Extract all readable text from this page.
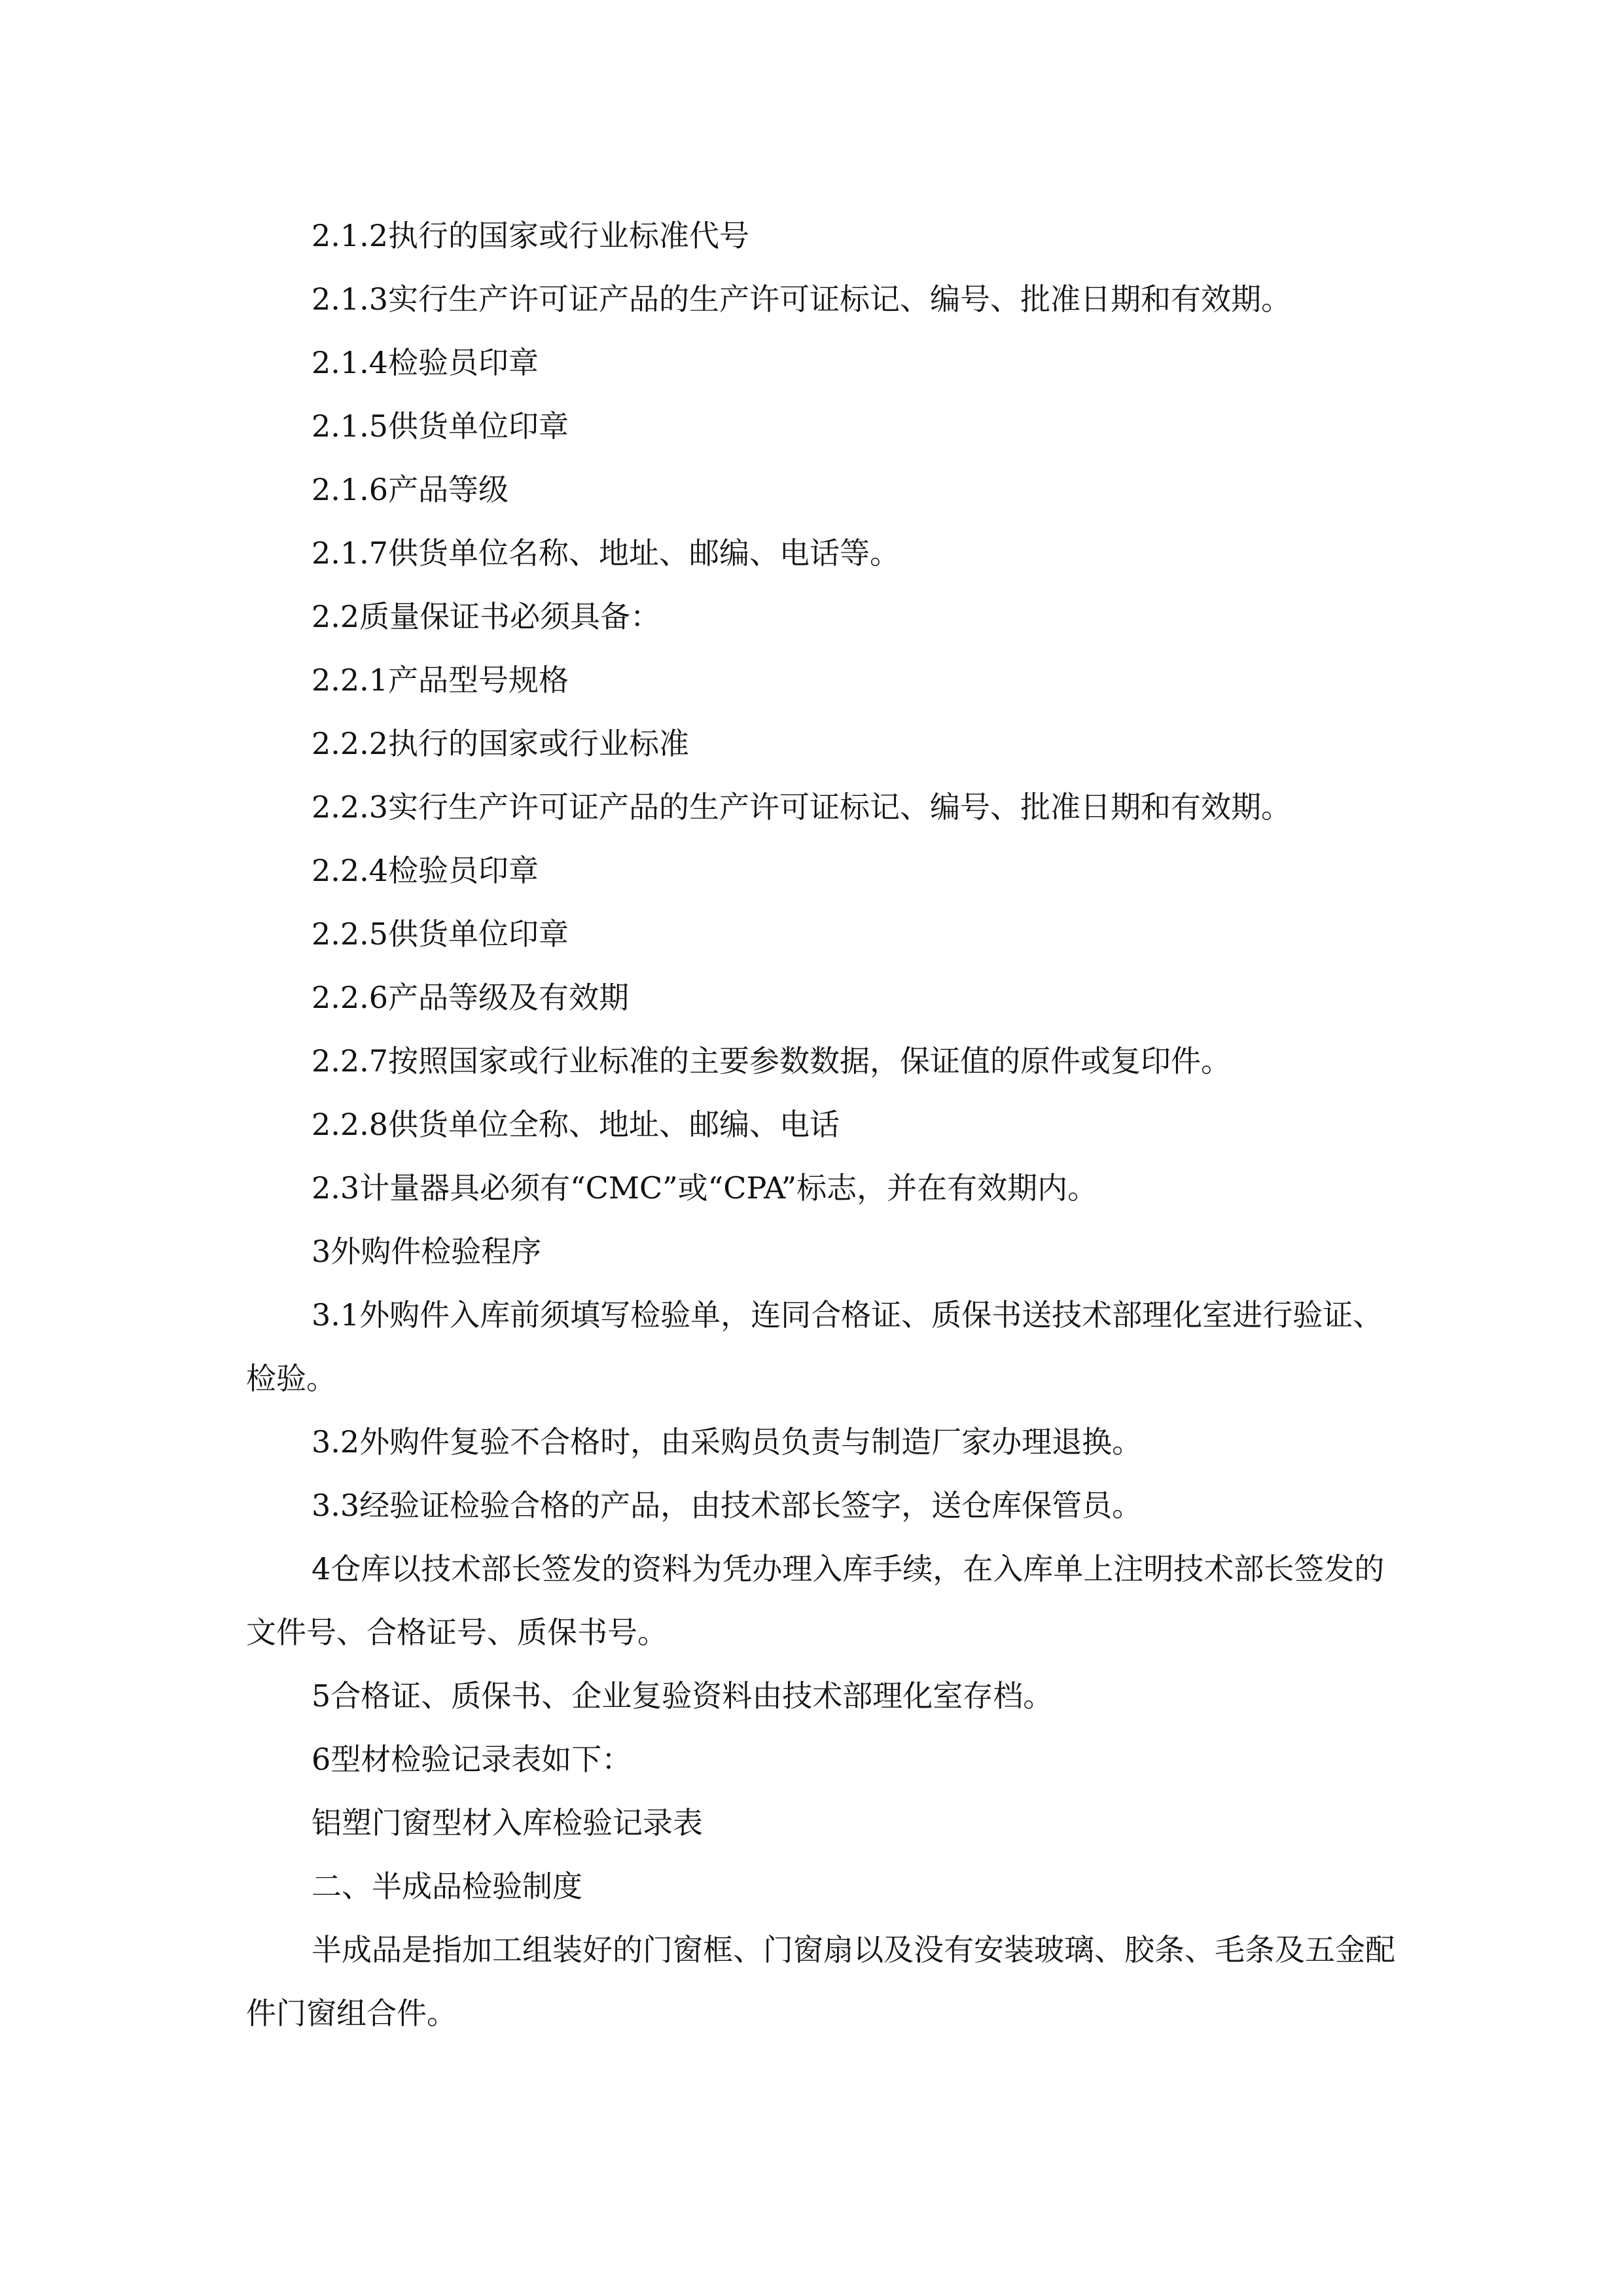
2.1.2执行的国家或行业标准代号

2.1.3实行生产许可证产品的生产许可证标记、编号、批准日期和有效期。

2.1.4检验员印章

2.1.5供货单位印章

2.1.6产品等级

2.1.7供货单位名称、地址、邮编、电话等。

2.2质量保证书必须具备：

2.2.1产品型号规格

2.2.2执行的国家或行业标准

2.2.3实行生产许可证产品的生产许可证标记、编号、批准日期和有效期。

2.2.4检验员印章

2.2.5供货单位印章

2.2.6产品等级及有效期

2.2.7按照国家或行业标准的主要参数数据，保证值的原件或复印件。

2.2.8供货单位全称、地址、邮编、电话

2.3计量器具必须有“CMC”或“CPA”标志，并在有效期内。

3外购件检验程序

3.1外购件入库前须填写检验单，连同合格证、质保书送技术部理化室进行验证、检验。

3.2外购件复验不合格时，由采购员负责与制造厂家办理退换。

3.3经验证检验合格的产品，由技术部长签字，送仓库保管员。

4仓库以技术部长签发的资料为凭办理入库手续，在入库单上注明技术部长签发的文件号、合格证号、质保书号。

5合格证、质保书、企业复验资料由技术部理化室存档。

6型材检验记录表如下：

铝塑门窗型材入库检验记录表

二、半成品检验制度

半成品是指加工组装好的门窗框、门窗扇以及没有安装玻璃、胶条、毛条及五金配件门窗组合件。
